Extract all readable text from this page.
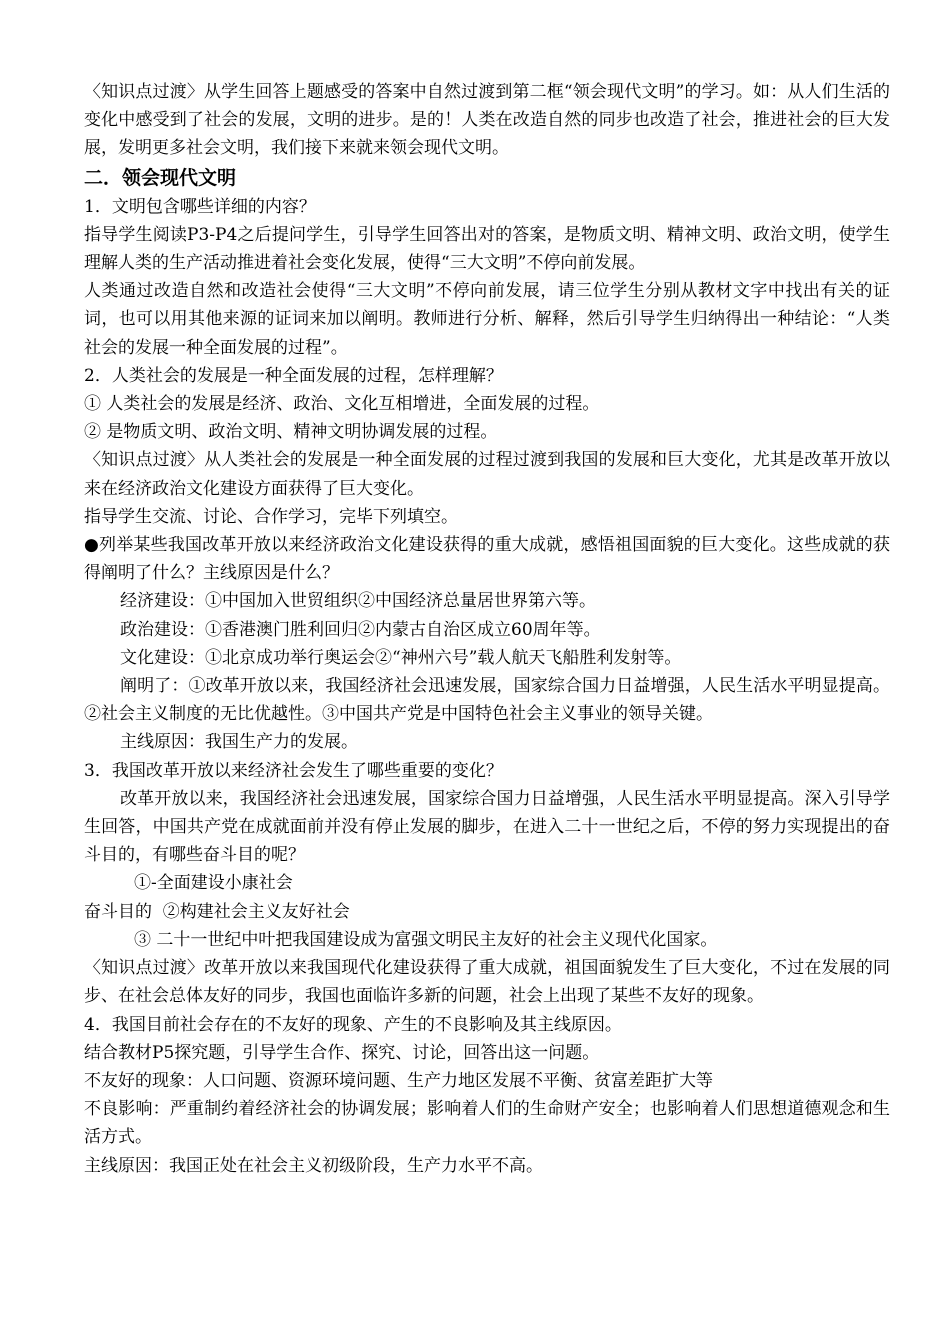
〈知识点过渡〉从学生回答上题感受的答案中自然过渡到第二框“领会现代文明”的学习。如：从人们生活的变化中感受到了社会的发展，文明的进步。是的！人类在改造自然的同步也改造了社会，推进社会的巨大发展，发明更多社会文明，我们接下来就来领会现代文明。

二．领会现代文明

1．文明包含哪些详细的内容？

指导学生阅读P3-P4之后提问学生，引导学生回答出对的答案，是物质文明、精神文明、政治文明，使学生理解人类的生产活动推进着社会变化发展，使得“三大文明”不停向前发展。

人类通过改造自然和改造社会使得“三大文明”不停向前发展，请三位学生分别从教材文字中找出有关的证词，也可以用其他来源的证词来加以阐明。教师进行分析、解释，然后引导学生归纳得出一种结论：“人类社会的发展一种全面发展的过程”。

2．人类社会的发展是一种全面发展的过程，怎样理解？

① 人类社会的发展是经济、政治、文化互相增进，全面发展的过程。

② 是物质文明、政治文明、精神文明协调发展的过程。

〈知识点过渡〉从人类社会的发展是一种全面发展的过程过渡到我国的发展和巨大变化，尤其是改革开放以来在经济政治文化建设方面获得了巨大变化。

指导学生交流、讨论、合作学习，完毕下列填空。

●列举某些我国改革开放以来经济政治文化建设获得的重大成就，感悟祖国面貌的巨大变化。这些成就的获得阐明了什么？主线原因是什么？

经济建设：①中国加入世贸组织②中国经济总量居世界第六等。

政治建设：①香港澳门胜利回归②内蒙古自治区成立60周年等。

文化建设：①北京成功举行奥运会②“神州六号”载人航天飞船胜利发射等。

阐明了：①改革开放以来，我国经济社会迅速发展，国家综合国力日益增强，人民生活水平明显提高。②社会主义制度的无比优越性。③中国共产党是中国特色社会主义事业的领导关键。

主线原因：我国生产力的发展。

3．我国改革开放以来经济社会发生了哪些重要的变化？

改革开放以来，我国经济社会迅速发展，国家综合国力日益增强，人民生活水平明显提高。深入引导学生回答，中国共产党在成就面前并没有停止发展的脚步，在进入二十一世纪之后，不停的努力实现提出的奋斗目的，有哪些奋斗目的呢？

①-全面建设小康社会

奋斗目的  ②构建社会主义友好社会

③ 二十一世纪中叶把我国建设成为富强文明民主友好的社会主义现代化国家。

〈知识点过渡〉改革开放以来我国现代化建设获得了重大成就，祖国面貌发生了巨大变化，不过在发展的同步、在社会总体友好的同步，我国也面临许多新的问题，社会上出现了某些不友好的现象。

4．我国目前社会存在的不友好的现象、产生的不良影响及其主线原因。

结合教材P5探究题，引导学生合作、探究、讨论，回答出这一问题。

不友好的现象：人口问题、资源环境问题、生产力地区发展不平衡、贫富差距扩大等

不良影响：严重制约着经济社会的协调发展；影响着人们的生命财产安全；也影响着人们思想道德观念和生活方式。

主线原因：我国正处在社会主义初级阶段，生产力水平不高。
